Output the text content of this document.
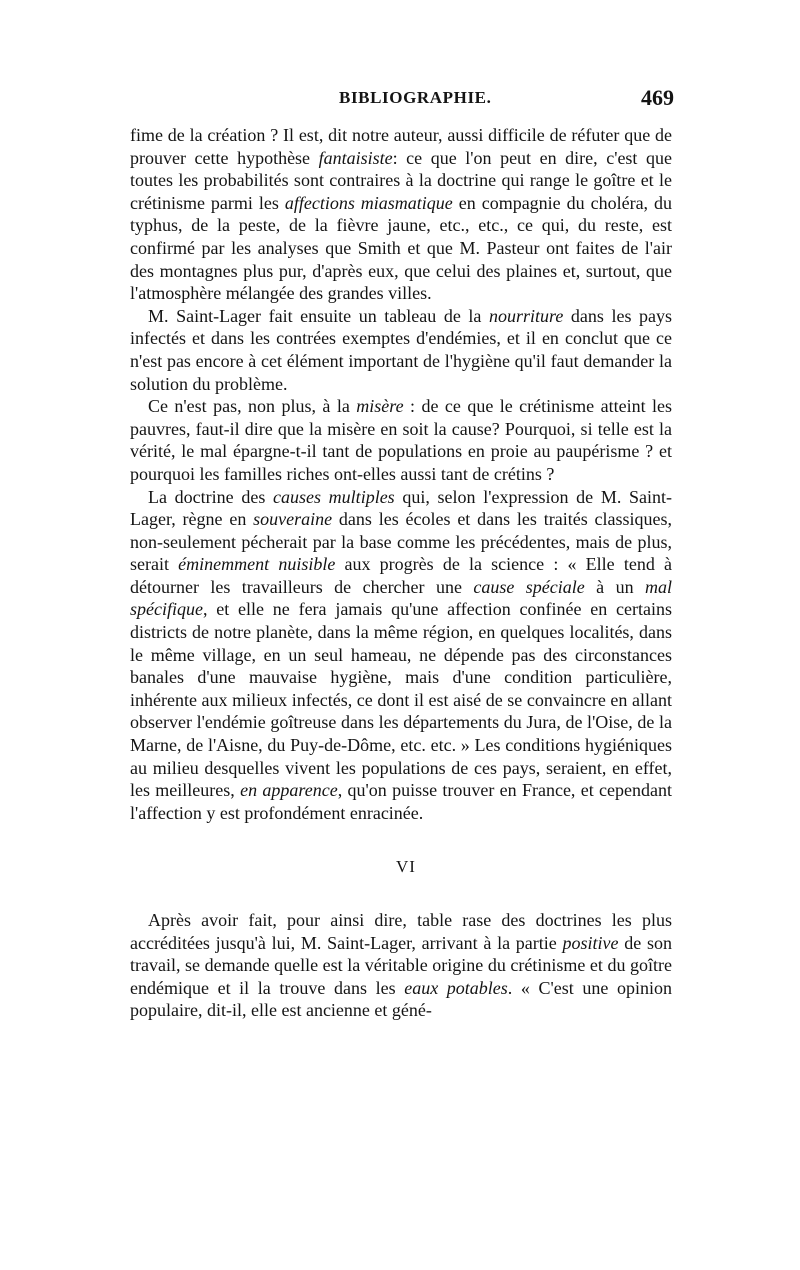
BIBLIOGRAPHIE.	469

fime de la création ? Il est, dit notre auteur, aussi difficile de réfuter que de prouver cette hypothèse fantaisiste: ce que l'on peut en dire, c'est que toutes les probabilités sont contraires à la doctrine qui range le goître et le crétinisme parmi les affections miasmatique en compagnie du choléra, du typhus, de la peste, de la fièvre jaune, etc., etc., ce qui, du reste, est confirmé par les analyses que Smith et que M. Pasteur ont faites de l'air des montagnes plus pur, d'après eux, que celui des plaines et, surtout, que l'atmosphère mélangée des grandes villes.

M. Saint-Lager fait ensuite un tableau de la nourriture dans les pays infectés et dans les contrées exemptes d'endémies, et il en conclut que ce n'est pas encore à cet élément important de l'hygiène qu'il faut demander la solution du problème.

Ce n'est pas, non plus, à la misère : de ce que le crétinisme atteint les pauvres, faut-il dire que la misère en soit la cause? Pourquoi, si telle est la vérité, le mal épargne-t-il tant de populations en proie au paupérisme ? et pourquoi les familles riches ont-elles aussi tant de crétins ?

La doctrine des causes multiples qui, selon l'expression de M. Saint-Lager, règne en souveraine dans les écoles et dans les traités classiques, non-seulement pécherait par la base comme les précédentes, mais de plus, serait éminemment nuisible aux progrès de la science : « Elle tend à détourner les travailleurs de chercher une cause spéciale à un mal spécifique, et elle ne fera jamais qu'une affection confinée en certains districts de notre planète, dans la même région, en quelques localités, dans le même village, en un seul hameau, ne dépende pas des circonstances banales d'une mauvaise hygiène, mais d'une condition particulière, inhérente aux milieux infectés, ce dont il est aisé de se convaincre en allant observer l'endémie goîtreuse dans les départements du Jura, de l'Oise, de la Marne, de l'Aisne, du Puy-de-Dôme, etc. etc. » Les conditions hygiéniques au milieu desquelles vivent les populations de ces pays, seraient, en effet, les meilleures, en apparence, qu'on puisse trouver en France, et cependant l'affection y est profondément enracinée.

VI

Après avoir fait, pour ainsi dire, table rase des doctrines les plus accréditées jusqu'à lui, M. Saint-Lager, arrivant à la partie positive de son travail, se demande quelle est la véritable origine du crétinisme et du goître endémique et il la trouve dans les eaux potables. « C'est une opinion populaire, dit-il, elle est ancienne et géné-
